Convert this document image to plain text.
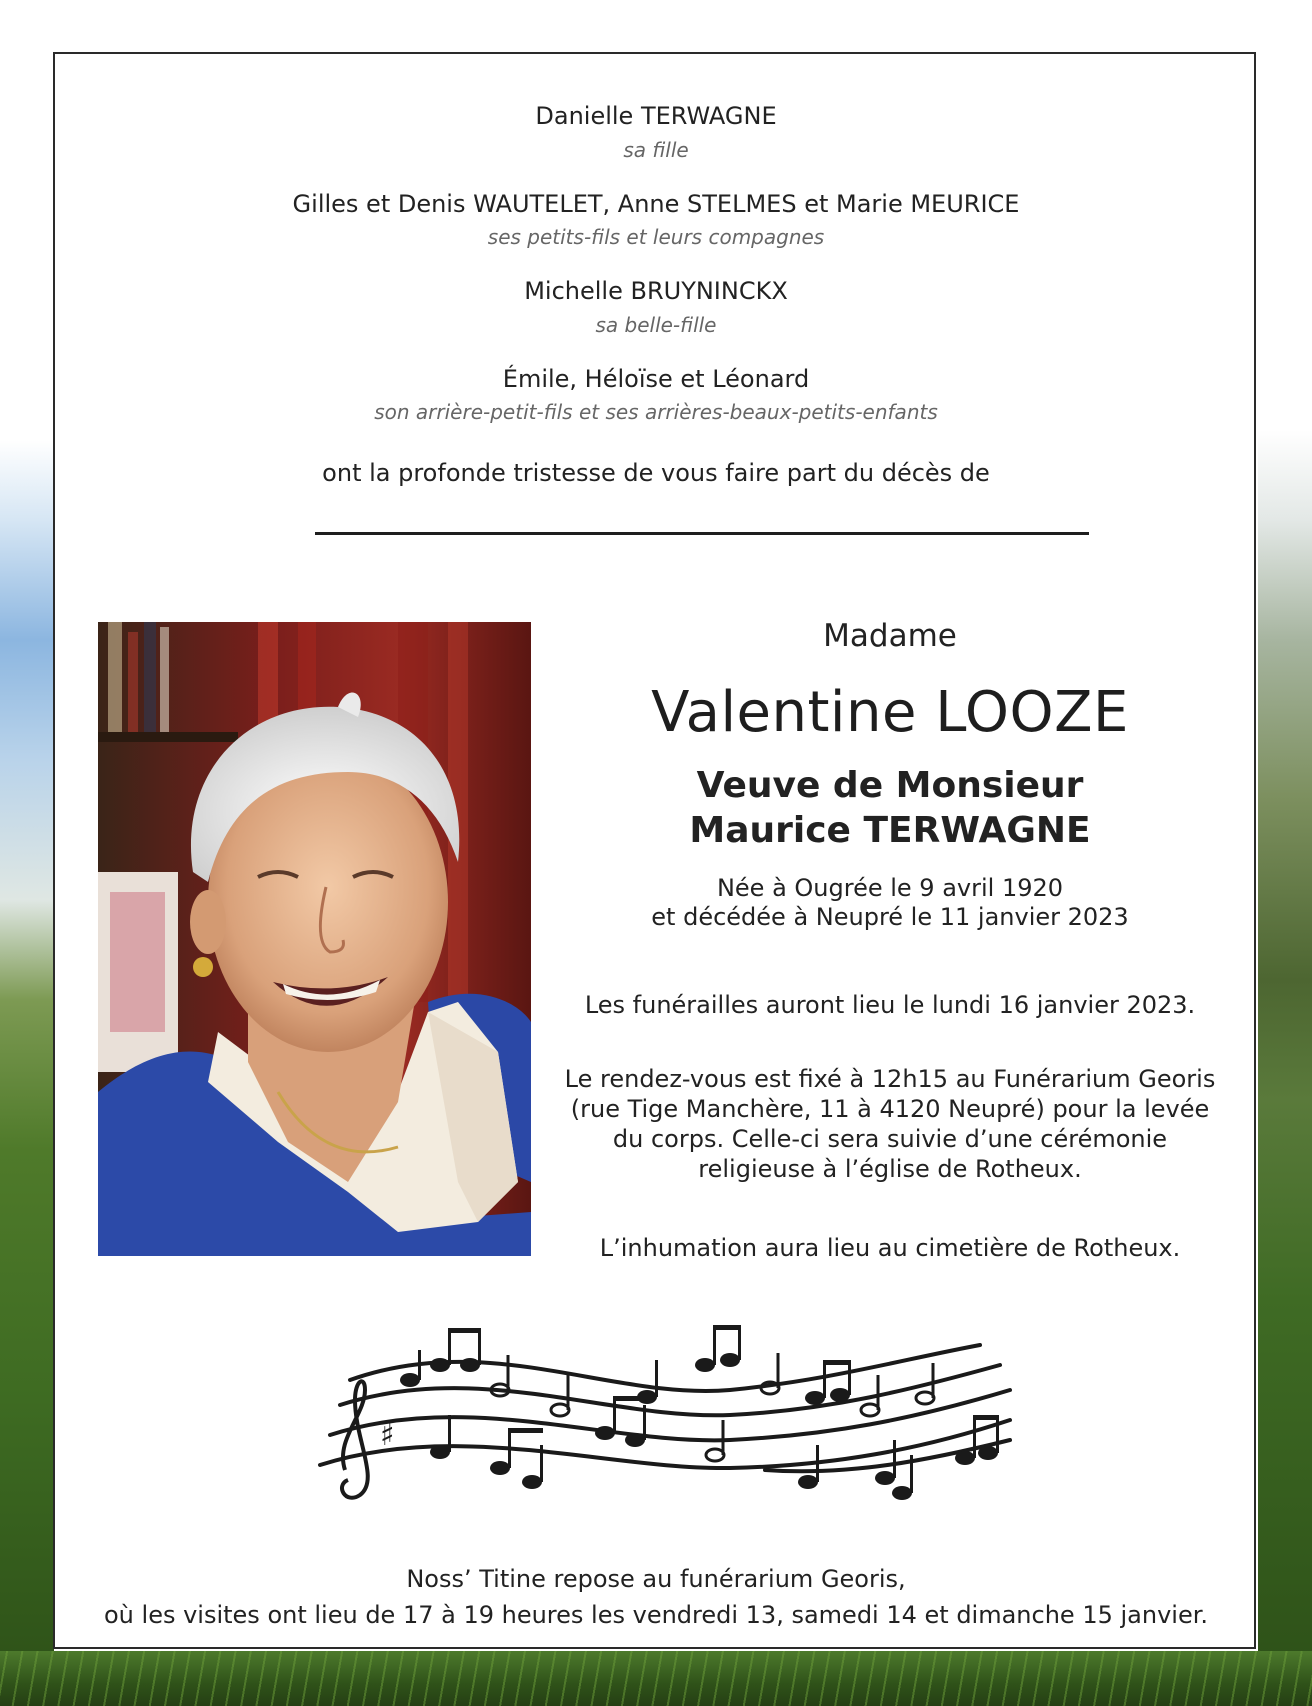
Danielle TERWAGNE
sa fille
Gilles et Denis WAUTELET, Anne STELMES et Marie MEURICE
ses petits-fils et leurs compagnes
Michelle BRUYNINCKX
sa belle-fille
Émile, Héloïse et Léonard
son arrière-petit-fils et ses arrières-beaux-petits-enfants
ont la profonde tristesse de vous faire part du décès de
Madame
Valentine LOOZE
Veuve de Monsieur
Maurice TERWAGNE
Née à Ougrée le 9 avril 1920
et décédée à Neupré le 11 janvier 2023
Les funérailles auront lieu le lundi 16 janvier 2023.
Le rendez-vous est fixé à 12h15 au Funérarium Georis
(rue Tige Manchère, 11 à 4120 Neupré) pour la levée
du corps. Celle-ci sera suivie d’une cérémonie
religieuse à l’église de Rotheux.
L’inhumation aura lieu au cimetière de Rotheux.
♯
Noss’ Titine repose au funérarium Georis,
où les visites ont lieu de 17 à 19 heures les vendredi 13, samedi 14 et dimanche 15 janvier.
